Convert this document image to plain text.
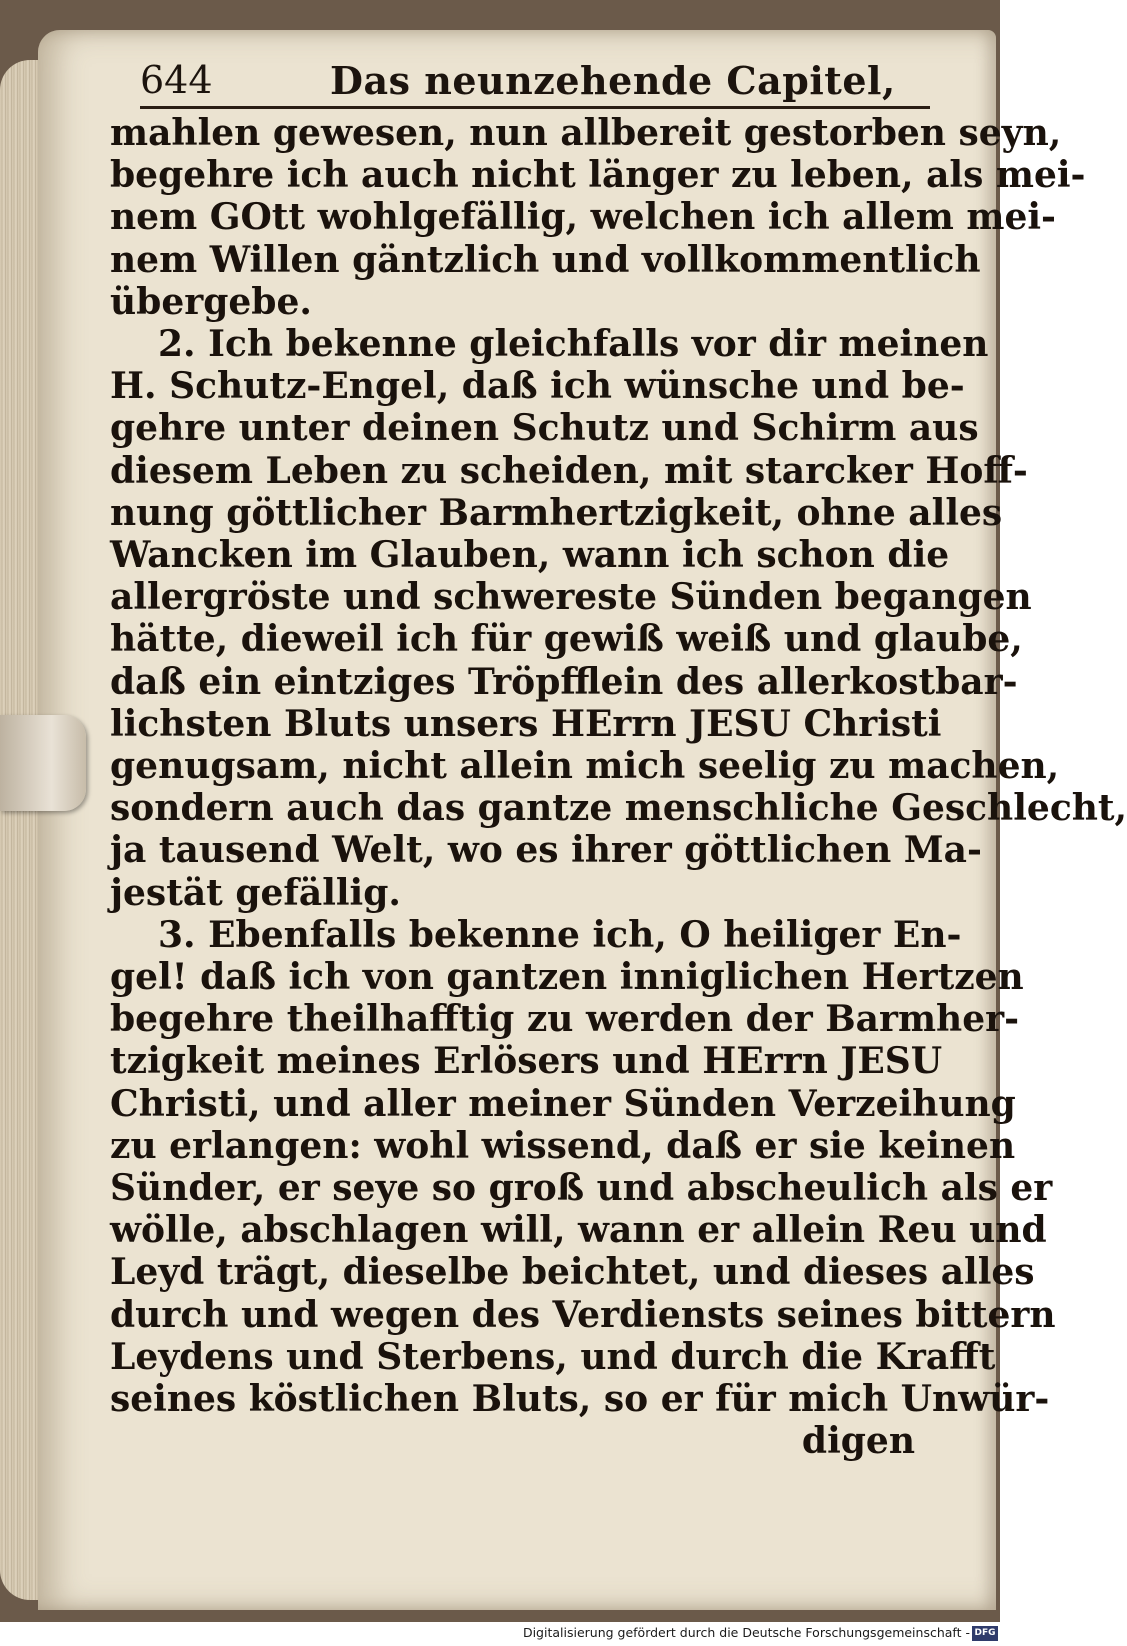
644	Das neunzehende Capitel,
mahlen gewesen, nun allbereit gestorben seyn,
begehre ich auch nicht länger zu leben, als mei-
nem GOtt wohlgefällig, welchen ich allem mei-
nem Willen gäntzlich und vollkommentlich
übergebe.
2. Ich bekenne gleichfalls vor dir meinen
H. Schutz-Engel, daß ich wünsche und be-
gehre unter deinen Schutz und Schirm aus
diesem Leben zu scheiden, mit starcker Hoff-
nung göttlicher Barmhertzigkeit, ohne alles
Wancken im Glauben, wann ich schon die
allergröste und schwereste Sünden begangen
hätte, dieweil ich für gewiß weiß und glaube,
daß ein eintziges Tröpfflein des allerkostbar-
lichsten Bluts unsers HErrn JESU Christi
genugsam, nicht allein mich seelig zu machen,
sondern auch das gantze menschliche Geschlecht,
ja tausend Welt, wo es ihrer göttlichen Ma-
jestät gefällig.
3. Ebenfalls bekenne ich, O heiliger En-
gel! daß ich von gantzen inniglichen Hertzen
begehre theilhafftig zu werden der Barmher-
tzigkeit meines Erlösers und HErrn JESU
Christi, und aller meiner Sünden Verzeihung
zu erlangen: wohl wissend, daß er sie keinen
Sünder, er seye so groß und abscheulich als er
wölle, abschlagen will, wann er allein Reu und
Leyd trägt, dieselbe beichtet, und dieses alles
durch und wegen des Verdiensts seines bittern
Leydens und Sterbens, und durch die Krafft
seines köstlichen Bluts, so er für mich Unwür-
digen
Digitalisierung gefördert durch die Deutsche Forschungsgemeinschaft - DFG
